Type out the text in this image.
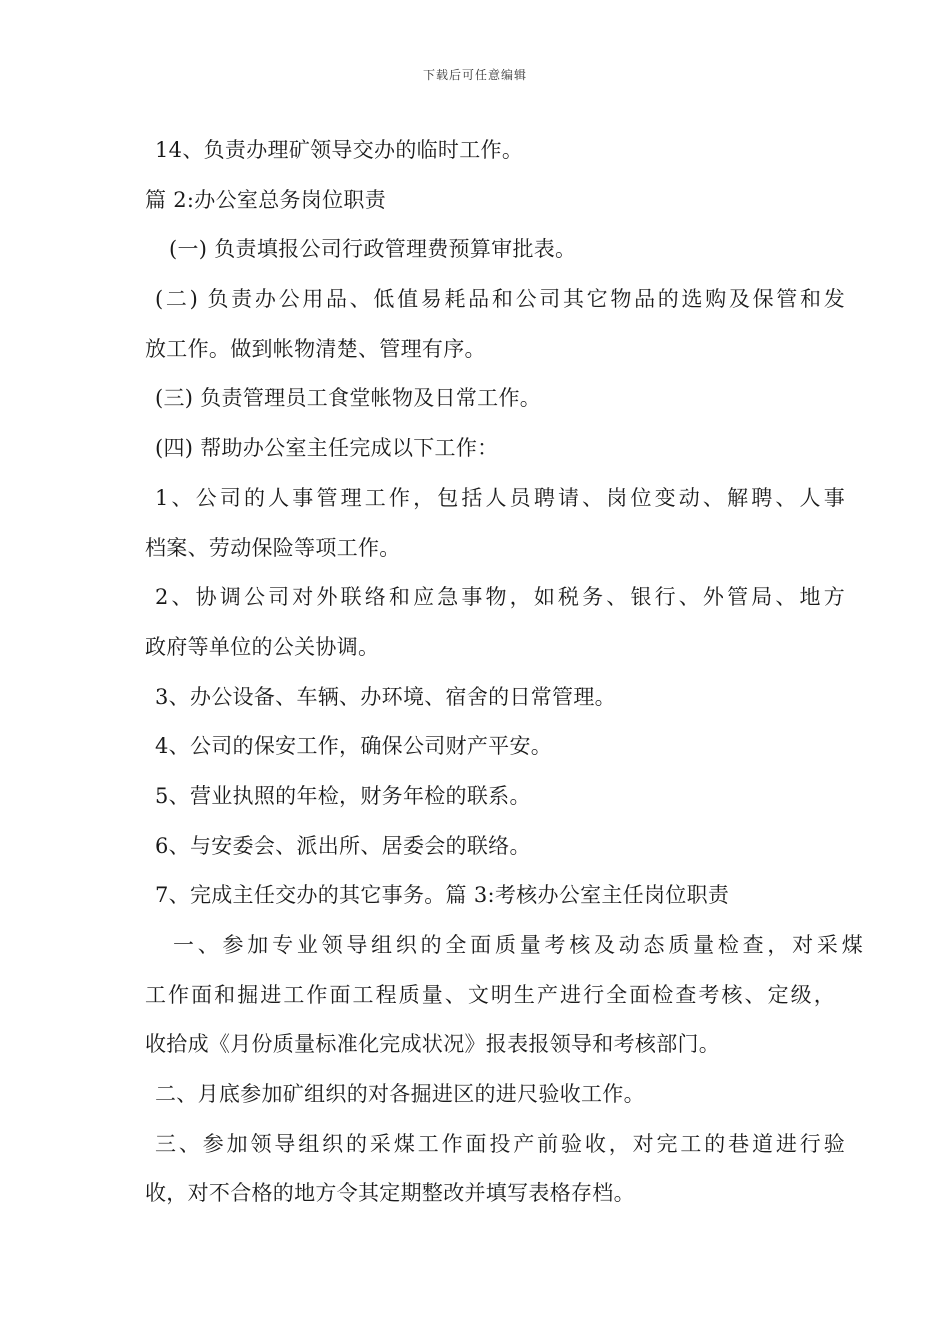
下载后可任意编辑
14、负责办理矿领导交办的临时工作。
篇 2:办公室总务岗位职责
(一) 负责填报公司行政管理费预算审批表。
(二) 负责办公用品、低值易耗品和公司其它物品的选购及保管和发
放工作。做到帐物清楚、管理有序。
(三) 负责管理员工食堂帐物及日常工作。
(四) 帮助办公室主任完成以下工作：
1、公司的人事管理工作，包括人员聘请、岗位变动、解聘、人事
档案、劳动保险等项工作。
2、协调公司对外联络和应急事物，如税务、银行、外管局、地方
政府等单位的公关协调。
3、办公设备、车辆、办环境、宿舍的日常管理。
4、公司的保安工作，确保公司财产平安。
5、营业执照的年检，财务年检的联系。
6、与安委会、派出所、居委会的联络。
7、完成主任交办的其它事务。篇 3:考核办公室主任岗位职责
一、参加专业领导组织的全面质量考核及动态质量检查，对采煤
工作面和掘进工作面工程质量、文明生产进行全面检查考核、定级，
收拾成《月份质量标准化完成状况》报表报领导和考核部门。
二、月底参加矿组织的对各掘进区的进尺验收工作。
三、参加领导组织的采煤工作面投产前验收，对完工的巷道进行验
收，对不合格的地方令其定期整改并填写表格存档。
